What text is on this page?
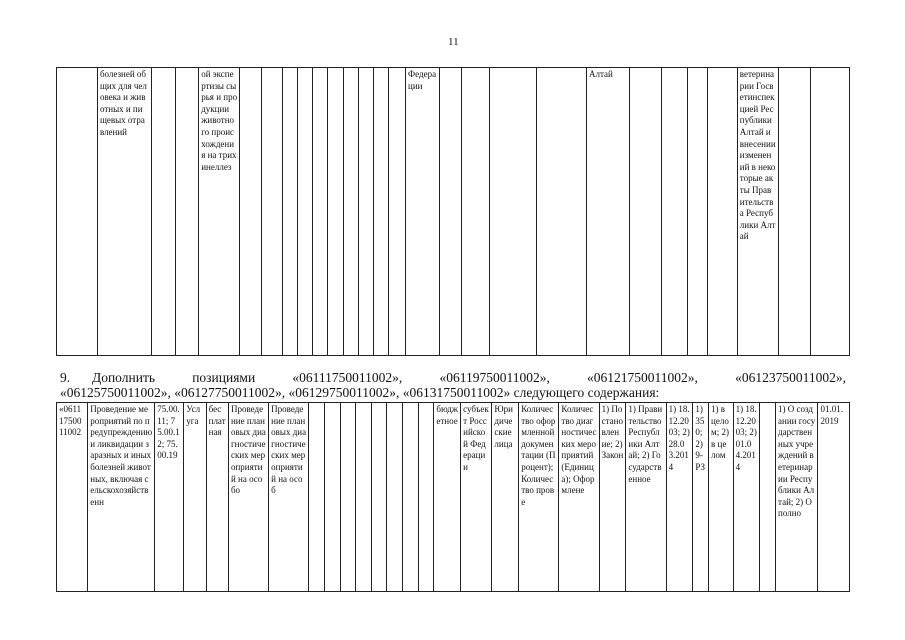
11
	болезней общих для человека и животных и пищевых отравлений			ой экспертизы сырья и продукции животного происхождения на трихинеллез											Федерации					Алтай					ветеринарии Госветинспекцией Республики Алтай и внесении изменений в некоторые акты Правительства Республики Алтай		
9. Дополнить позициями «06111750011002», «06119750011002», «06121750011002», «06123750011002»,
«06125750011002», «06127750011002», «06129750011002», «06131750011002» следующего содержания:
«06111750011002	Проведение мероприятий по предупреждению и ликвидации заразных и иных болезней животных, включая сельскохозяйственн	75.00.11; 75.00.12; 75.00.19	Услуга	бесплатная	Проведение плановых диагностических мероприятий на особо	Проведение плановых диагностических мероприятий на особ									бюджетное	субъект Российской Федерации	Юридические лица	Количество оформленной документации (Процент); Количество прове	Количество диагностических мероприятий (Единица); Оформлене	1) Постановление; 2) Закон	1) Правительство Республики Алтай; 2) Государственное	1) 18.12.2003; 2) 28.03.2014	1) 350; 2) 9-РЗ	1) в целом; 2) в целом	1) 18.12.2003; 2) 01.04.2014		1) О создании государственных учреждений ветеринарии Республики Алтай; 2) О полно	01.01.2019
